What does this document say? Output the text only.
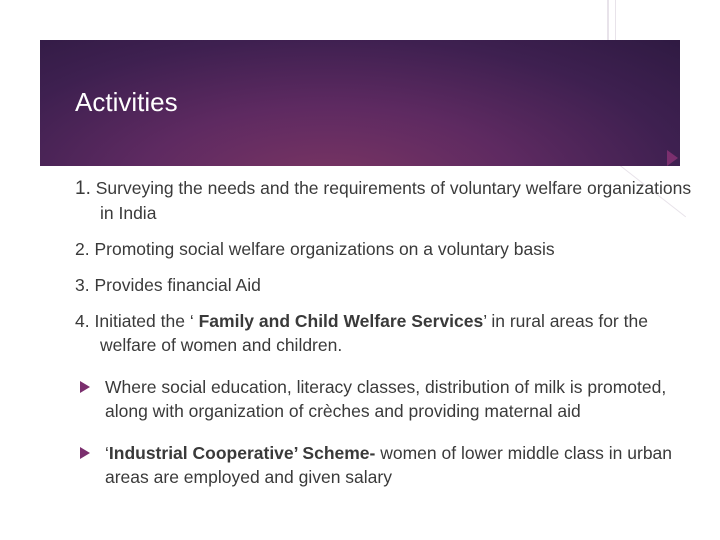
Activities
1. Surveying the needs and the requirements of voluntary welfare organizations in India
2. Promoting social welfare organizations on a voluntary basis
3. Provides financial Aid
4. Initiated the ‘ Family and Child Welfare Services’ in rural areas for the welfare of women and children.
Where social education, literacy classes, distribution of milk is promoted, along with organization of crèches and providing maternal aid
‘Industrial Cooperative’ Scheme- women of lower middle class in urban areas are employed and given salary
